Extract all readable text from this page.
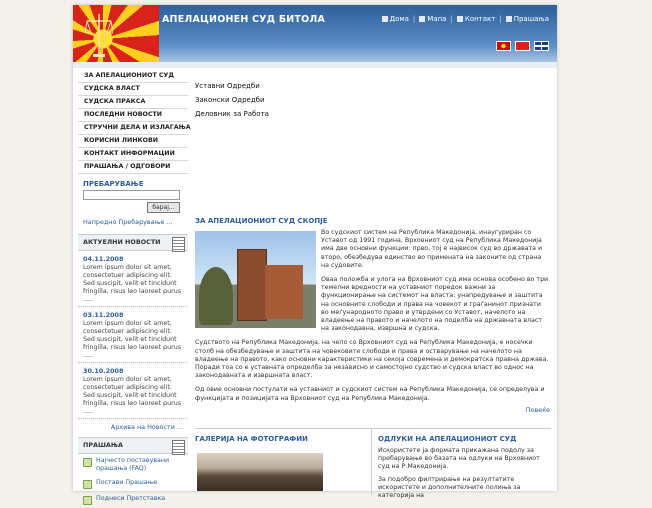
АПЕЛАЦИОНЕН СУД БИТОЛА	Дома | Мапа | Контакт | Прашања
ЗА АПЕЛАЦИОНИОТ СУД
СУДСКА ВЛАСТ
СУДСКА ПРАКСА
ПОСЛЕДНИ НОВОСТИ
СТРУЧНИ ДЕЛА И ИЗЛАГАЊА
КОРИСНИ ЛИНКОВИ
КОНТАКТ ИНФОРМАЦИИ
ПРАШАЊА / ОДГОВОРИ
ПРЕБАРУВАЊЕ
барај...
Напредно Пребарување ...
АКТУЕЛНИ НОВОСТИ
04.11.2008
Lorem ipsum dolor sit amet, consectetuer adipiscing elit. Sed suscipit, velit et tincidunt fringilla, risus leo laoreet purus .....
03.11.2008
Lorem ipsum dolor sit amet, consectetuer adipiscing elit. Sed suscipit, velit et tincidunt fringilla, risus leo laoreet purus .....
30.10.2008
Lorem ipsum dolor sit amet, consectetuer adipiscing elit. Sed suscipit, velit et tincidunt fringilla, risus leo laoreet purus .....
Архива на Новости ...
ПРАШАЊА
Најчесто поставувани прашања (FAQ)
Постави Прашање
Поднеси Претставка
Уставни Одредби
Законски Одредби
Деловник за Работа
ЗА АПЕЛАЦИОНИОТ СУД СКОПЈЕ

Во судскиот систем на Република Македонија, инаугуриран со Уставот од 1991 година, Врховниот суд на Република Македонија има две основни функции: прво, тој е највисок суд во државата и второ, обезбедува единство во примената на законите од страна на судовите.

Оваа положба и улога на Врховниот суд има основа особено во три темелни вредности на уставниот поредок важни за функционирање на системот на власта: унапредување и заштита на основните слободи и права на човекот и граѓанинот признати во меѓународното право и утврдени со Уставот, начелото на владеење на правото и начелото на поделба на државната власт на законодавна, извршна и судска.

Судството на Република Македонија, на чело со Врховниот суд на Република Македонија, е носечки столб на обезбедување и заштита на човековите слободи и права и остварување на начелото на владеење на правото, како основни карактеристики на секоја современа и демократска правна држава. Поради тоа со е уставната определба за независно и самостојно судство и судска власт во однос на законодавната и извршната власт.

Од овие основни постулати на уставниот и судскиот систем на Република Македонија, се определува и функцијата и позицијата на Врховниот суд на Република Македонија.

Повеќе
ГАЛЕРИЈА НА ФОТОГРАФИИ	ОДЛУКИ НА АПЕЛАЦИОНИОТ СУД

Искористете ја формата прикажана подолу за пребарување во базата на одлуки на Врховниот суд на Р.Македонија.

За подобро филтрирање на резултатите искористете и дополнителните полиња за категорија на
